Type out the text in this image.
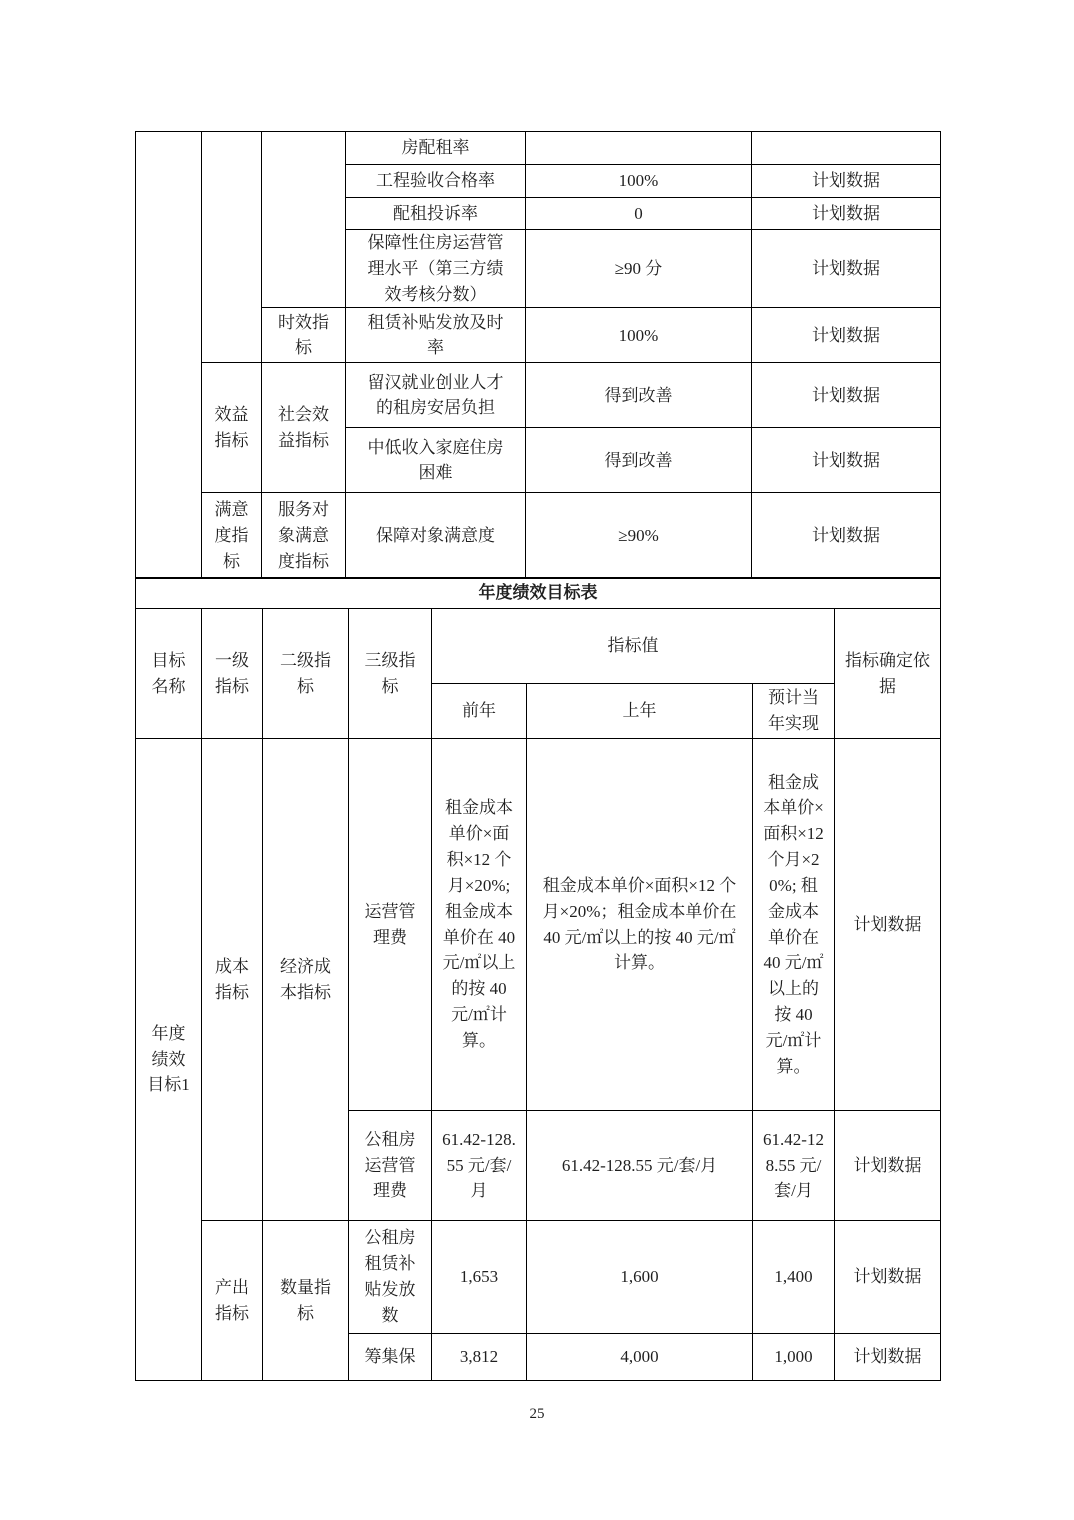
			房配租率		
			工程验收合格率	100%	计划数据
			配租投诉率	0	计划数据
			保障性住房运营管理水平（第三方绩效考核分数）	≥90 分	计划数据
		时效指标	租赁补贴发放及时率	100%	计划数据
	效益指标	社会效益指标	留汉就业创业人才的租房安居负担	得到改善	计划数据
			中低收入家庭住房困难	得到改善	计划数据
	满意度指标	服务对象满意度指标	保障对象满意度	≥90%	计划数据
年度绩效目标表							
目标名称	一级指标	二级指标	三级指标	指标值			指标确定依据
				前年	上年	预计当年实现	
年度绩效目标1	成本指标	经济成本指标	运营管理费	租金成本单价×面积×12 个月×20%;租金成本单价在 40 元/㎡以上的按 40 元/㎡计算。	租金成本单价×面积×12 个月×20%；租金成本单价在 40 元/㎡以上的按 40 元/㎡计算。	租金成本单价×面积×12 个月×20%; 租金成本单价在 40 元/㎡以上的按 40 元/㎡计算。	计划数据
			公租房运营管理费	61.42-128.55 元/套/月	61.42-128.55 元/套/月	61.42-128.55 元/套/月	计划数据
	产出指标	数量指标	公租房租赁补贴发放数	1,653	1,600	1,400	计划数据
			筹集保	3,812	4,000	1,000	计划数据
25
